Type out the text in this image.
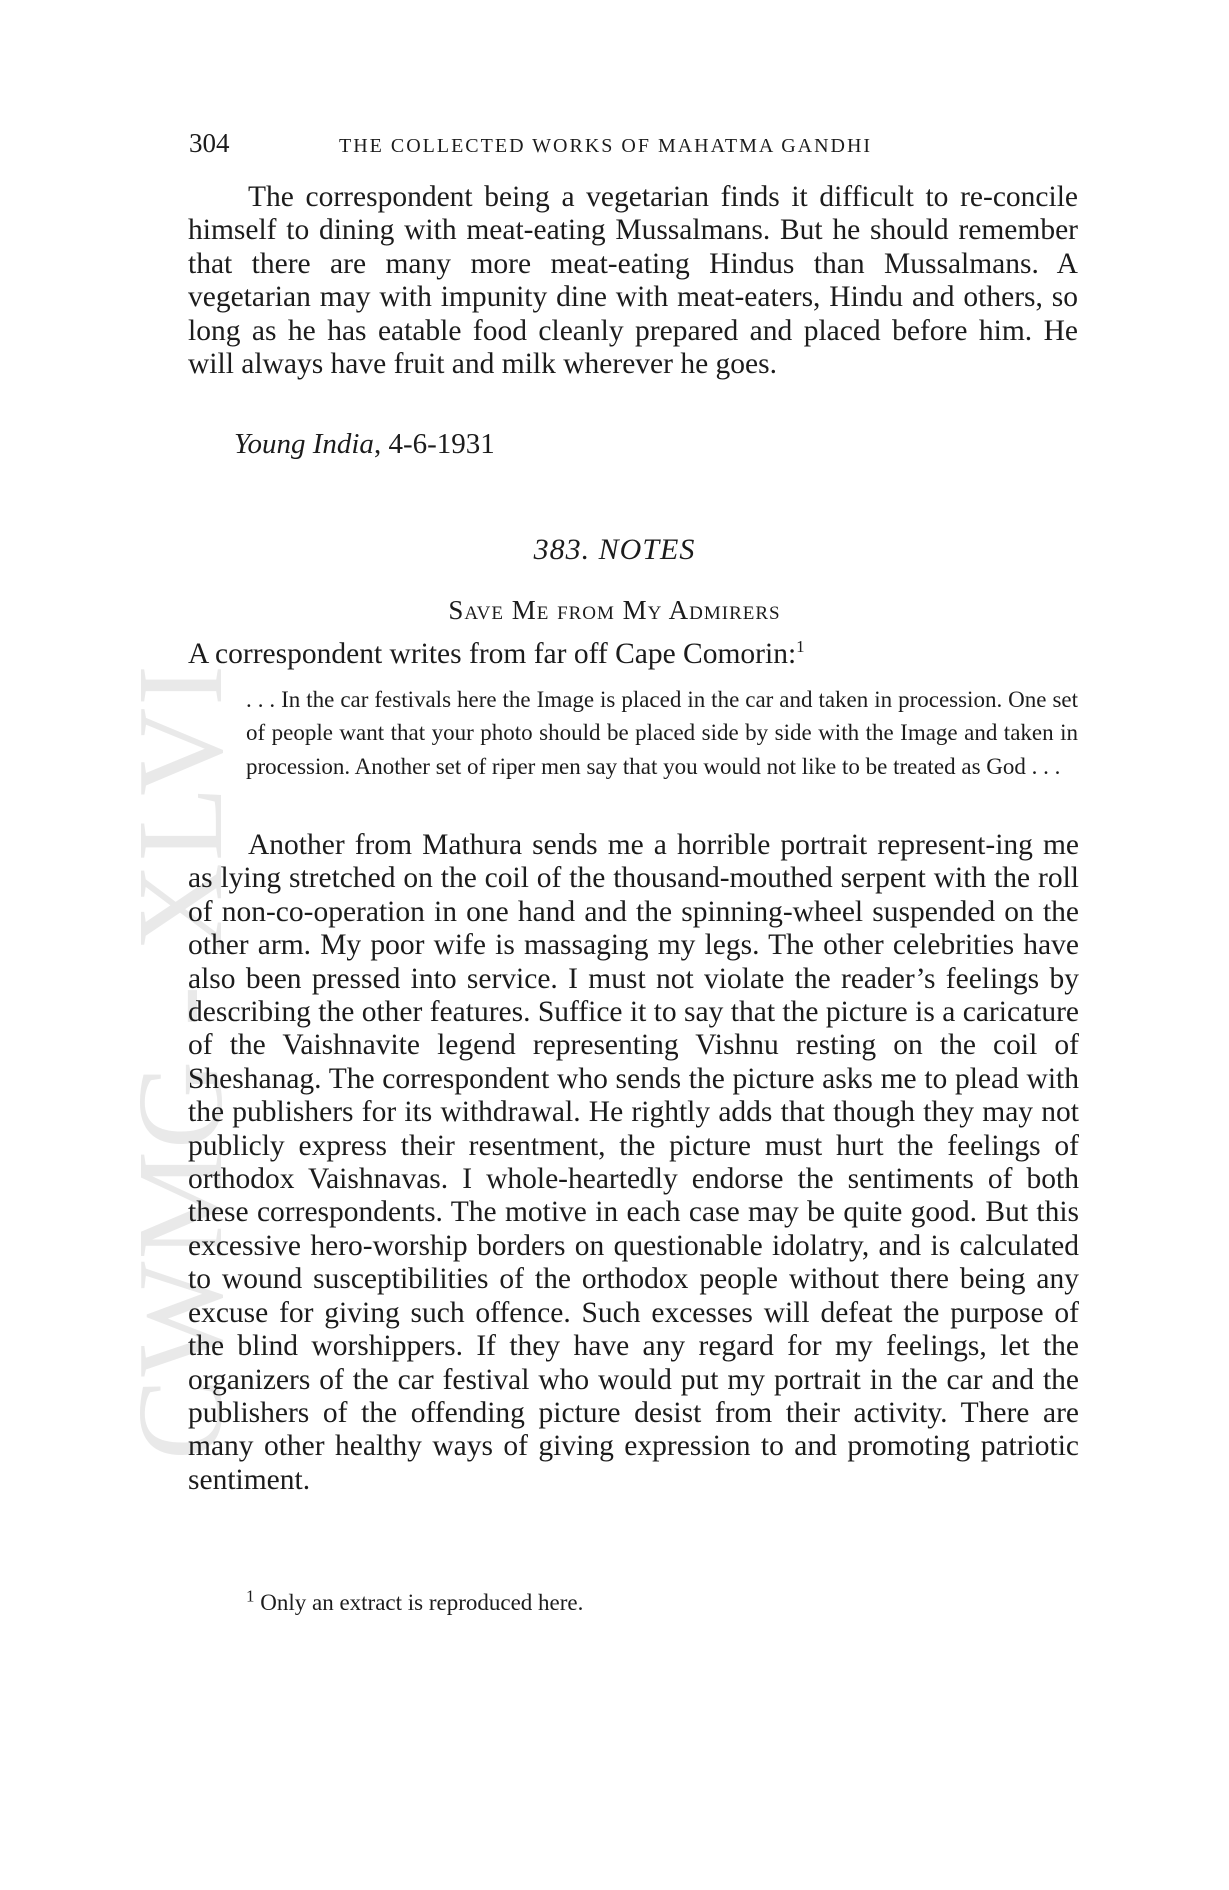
CWMG - XLVI
304	THE COLLECTED WORKS OF MAHATMA GANDHI

The correspondent being a vegetarian finds it difficult to re-concile himself to dining with meat-eating Mussalmans. But he should remember that there are many more meat-eating Hindus than Mussalmans. A vegetarian may with impunity dine with meat-eaters, Hindu and others, so long as he has eatable food cleanly prepared and placed before him. He will always have fruit and milk wherever he goes.

Young India, 4-6-1931
383. NOTES
Save Me from My Admirers
A correspondent writes from far off Cape Comorin:$^1$

. . . In the car festivals here the Image is placed in the car and taken in procession. One set of people want that your photo should be placed side by side with the Image and taken in procession. Another set of riper men say that you would not like to be treated as God . . .

Another from Mathura sends me a horrible portrait represent-ing me as lying stretched on the coil of the thousand-mouthed serpent with the roll of non-co-operation in one hand and the spinning-wheel suspended on the other arm. My poor wife is massaging my legs. The other celebrities have also been pressed into service. I must not violate the reader’s feelings by describing the other features. Suffice it to say that the picture is a caricature of the Vaishnavite legend representing Vishnu resting on the coil of Sheshanag. The correspondent who sends the picture asks me to plead with the publishers for its withdrawal. He rightly adds that though they may not publicly express their resentment, the picture must hurt the feelings of orthodox Vaishnavas. I whole-heartedly endorse the sentiments of both these correspondents. The motive in each case may be quite good. But this excessive hero-worship borders on questionable idolatry, and is calculated to wound susceptibilities of the orthodox people without there being any excuse for giving such offence. Such excesses will defeat the purpose of the blind worshippers. If they have any regard for my feelings, let the organizers of the car festival who would put my portrait in the car and the publishers of the offending picture desist from their activity. There are many other healthy ways of giving expression to and promoting patriotic sentiment.

$^1$ Only an extract is reproduced here.
